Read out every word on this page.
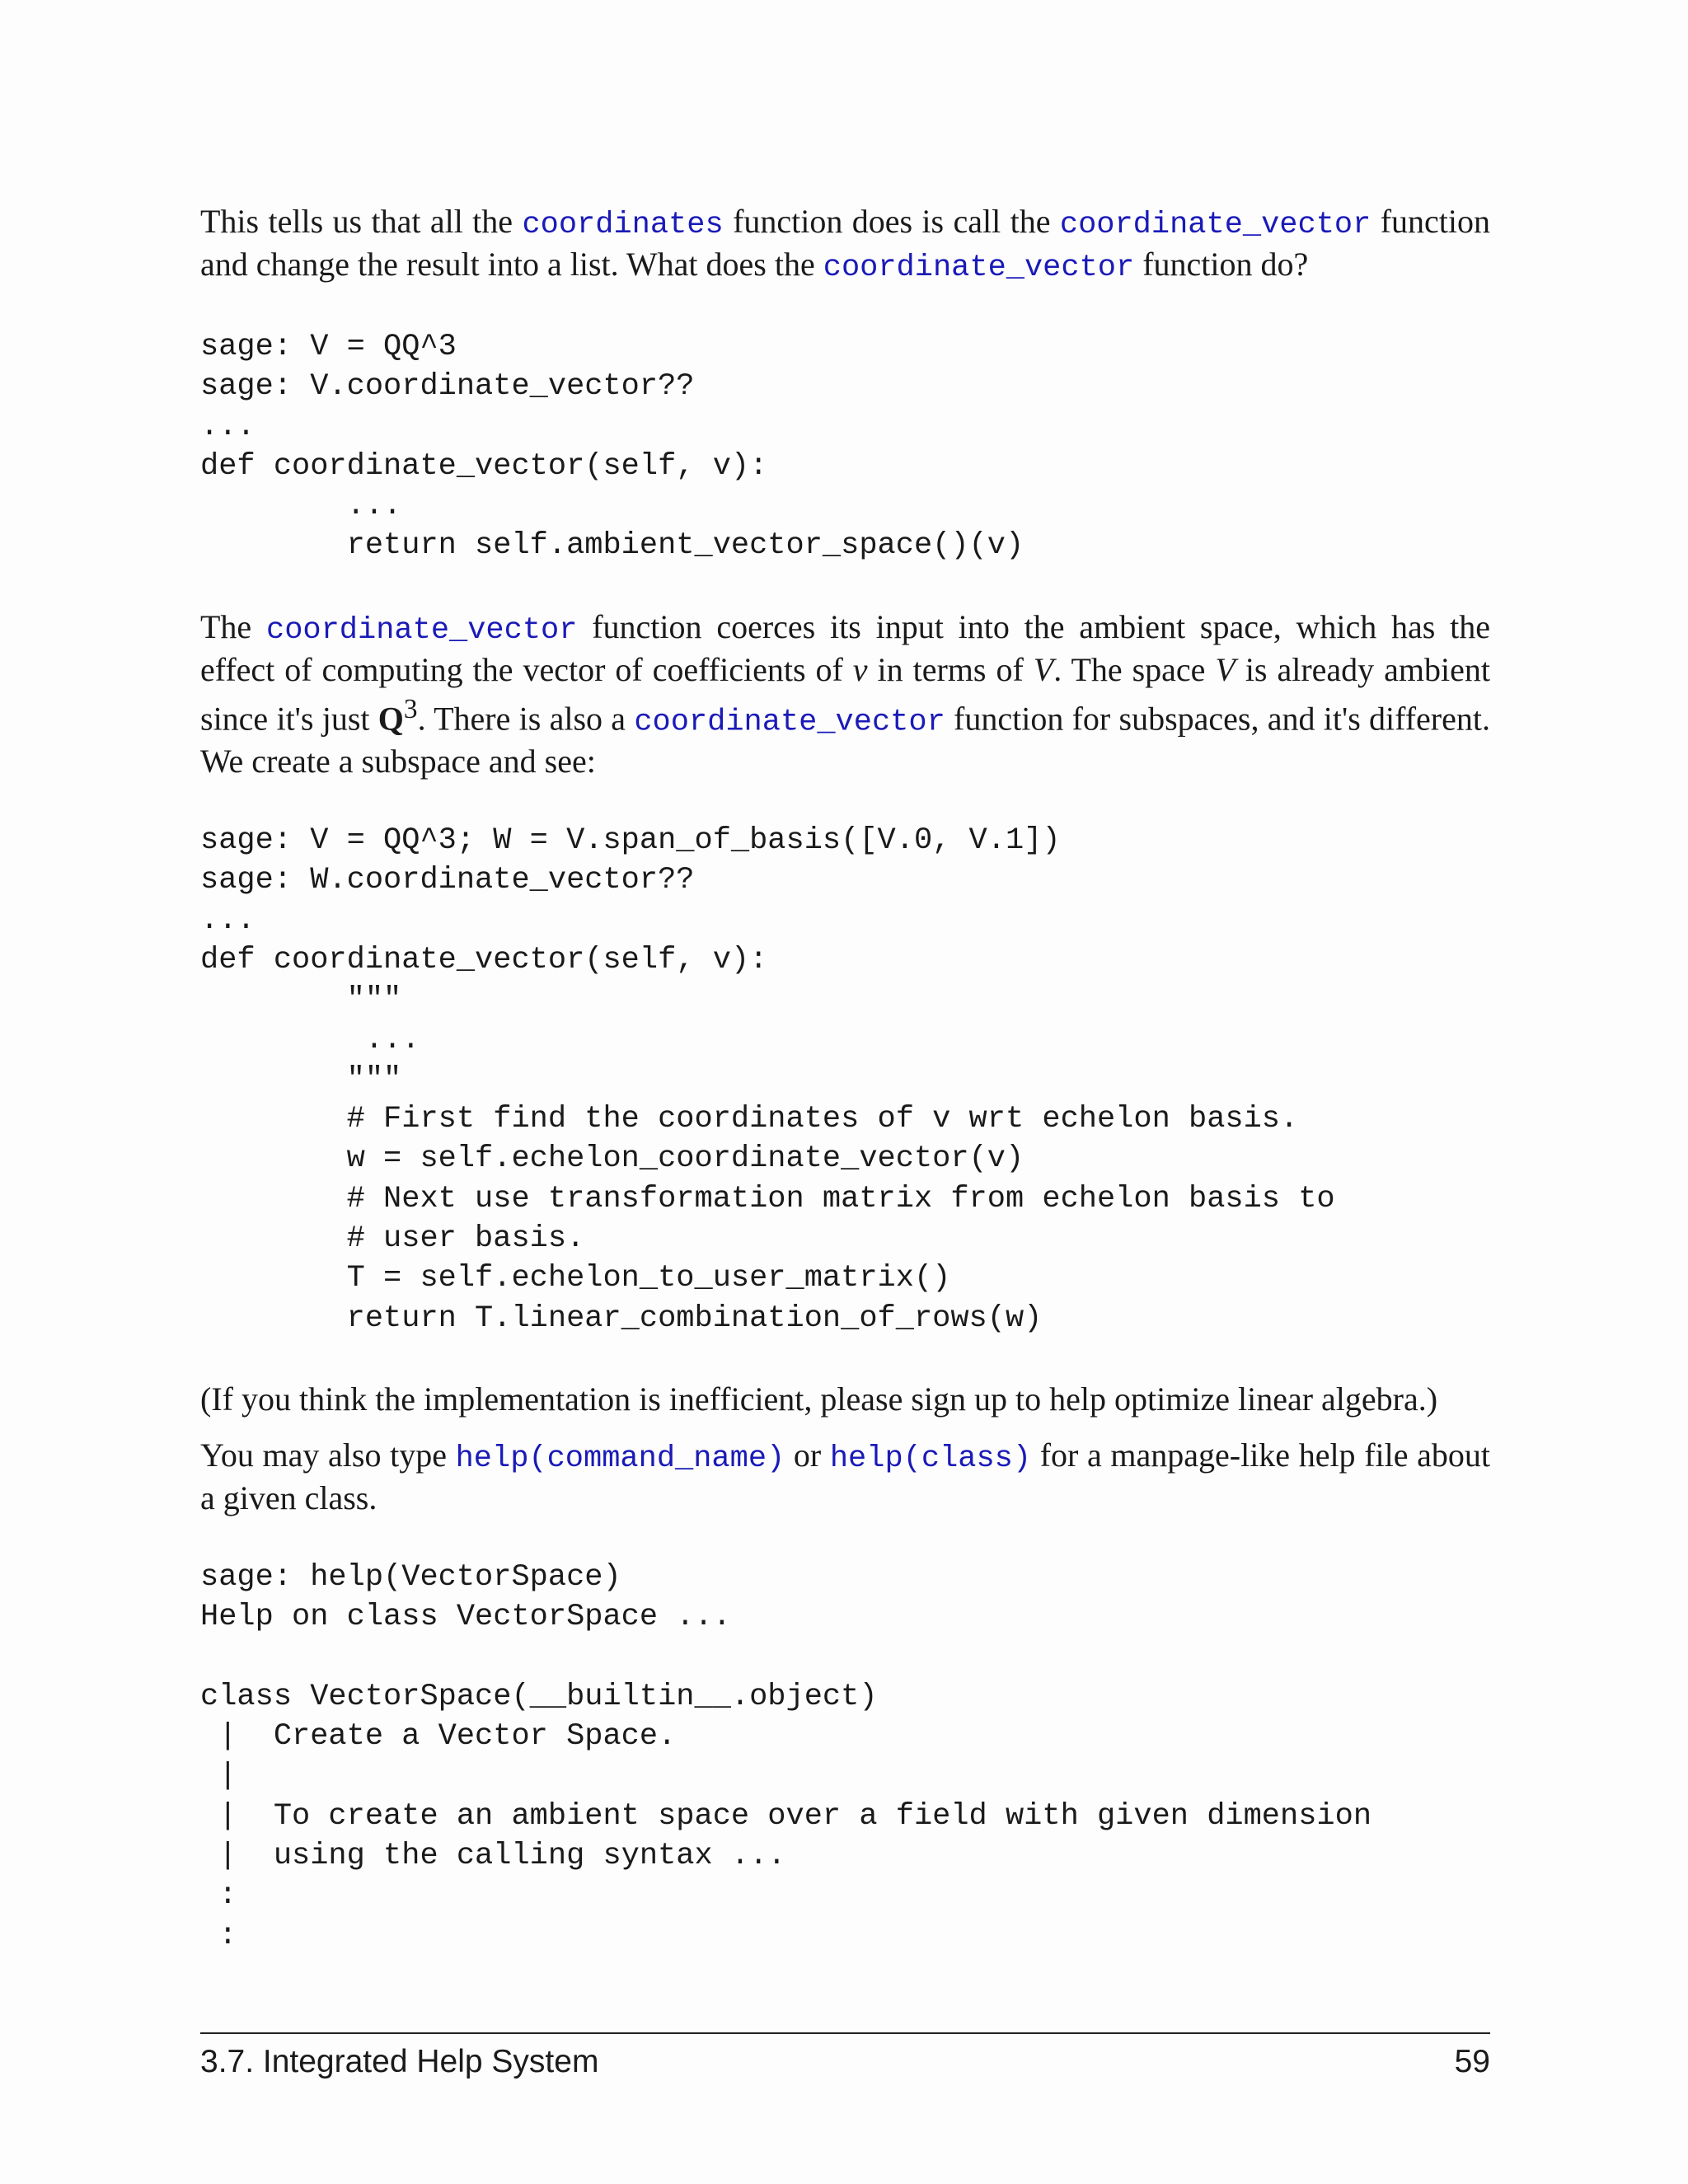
This tells us that all the coordinates function does is call the coordinate_vector function and change the result into a list. What does the coordinate_vector function do?

sage: V = QQ^3
sage: V.coordinate_vector??
...
def coordinate_vector(self, v):
...
return self.ambient_vector_space()(v)

The coordinate_vector function coerces its input into the ambient space, which has the effect of computing the vector of coefficients of v in terms of V. The space V is already ambient since it's just $Q^3$. There is also a coordinate_vector function for subspaces, and it's different. We create a subspace and see:

sage: V = QQ^3; W = V.span_of_basis([V.0, V.1])
sage: W.coordinate_vector??
...
def coordinate_vector(self, v):
"""
...
"""
# First find the coordinates of v wrt echelon basis.
w = self.echelon_coordinate_vector(v)
# Next use transformation matrix from echelon basis to
# user basis.
T = self.echelon_to_user_matrix()
return T.linear_combination_of_rows(w)

(If you think the implementation is inefficient, please sign up to help optimize linear algebra.)

You may also type help(command_name) or help(class) for a manpage-like help file about a given class.

sage: help(VectorSpace)
Help on class VectorSpace ...

class VectorSpace(__builtin__.object)
|  Create a Vector Space.
|
|  To create an ambient space over a field with given dimension
|  using the calling syntax ...
:
:
3.7. Integrated Help System	59
